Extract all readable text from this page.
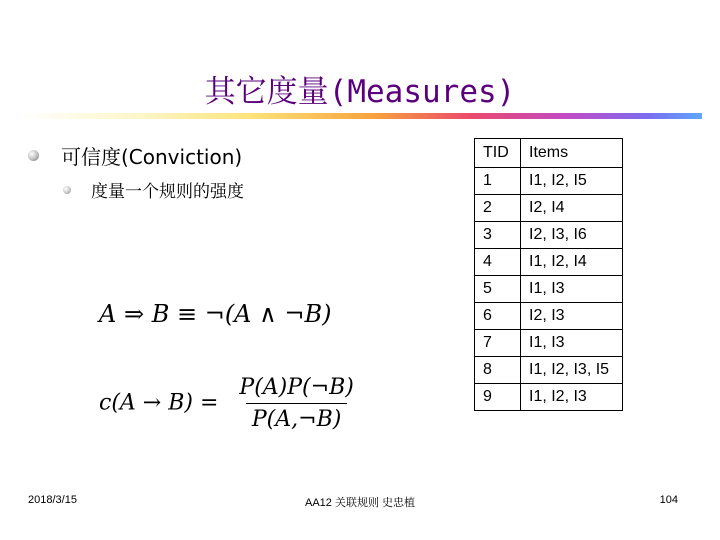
其它度量(Measures)
可信度(Conviction)
度量一个规则的强度
A ⇒ B ≡ ¬(A ∧ ¬B)
$c(A \to B) = \frac{P(A)P(\neg B)}{P(A,\neg B)}$
TID	Items
1	I1, I2, I5
2	I2, I4
3	I2, I3, I6
4	I1, I2, I4
5	I1, I3
6	I2, I3
7	I1, I3
8	I1, I2, I3, I5
9	I1, I2, I3
2018/3/15	AA12 关联规则 史忠植	104
